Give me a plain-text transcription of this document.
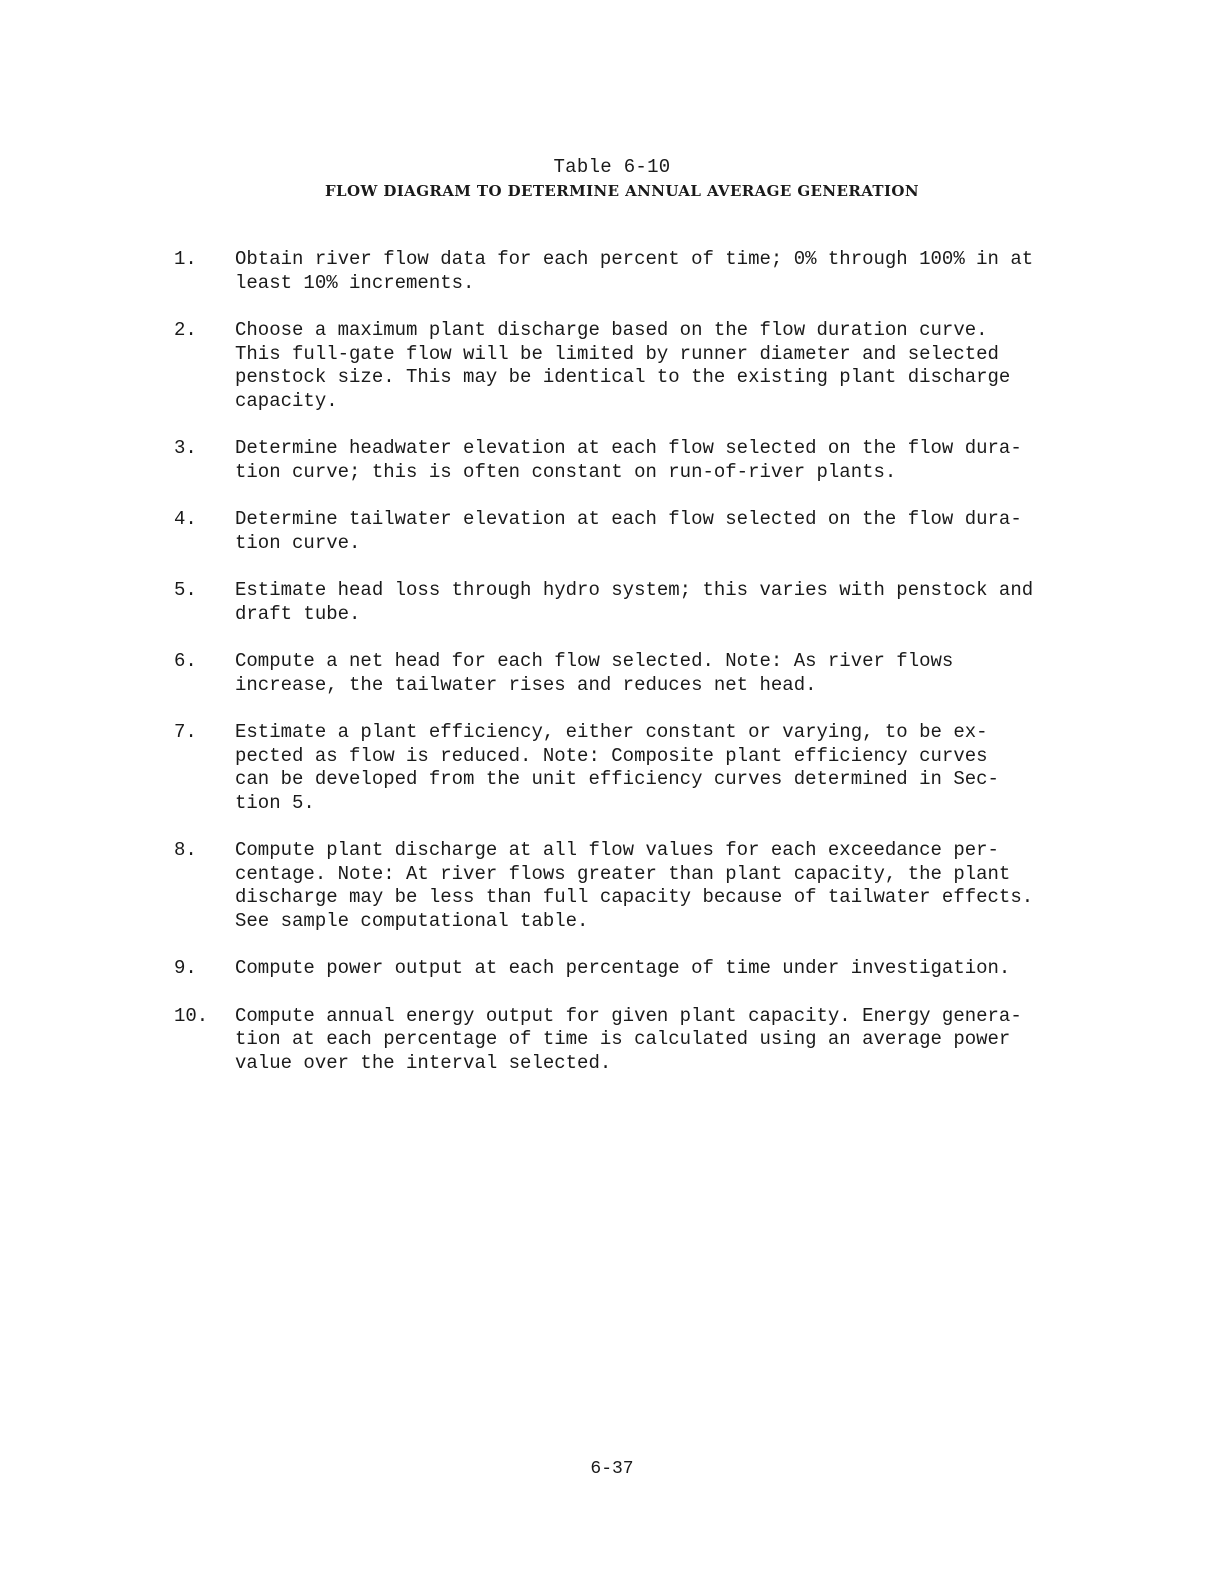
Table 6-10
FLOW DIAGRAM TO DETERMINE ANNUAL AVERAGE GENERATION
1.	Obtain river flow data for each percent of time; 0% through 100% in at
least 10% increments.
2.	Choose a maximum plant discharge based on the flow duration curve.
This full-gate flow will be limited by runner diameter and selected
penstock size. This may be identical to the existing plant discharge
capacity.
3.	Determine headwater elevation at each flow selected on the flow dura-
tion curve; this is often constant on run-of-river plants.
4.	Determine tailwater elevation at each flow selected on the flow dura-
tion curve.
5.	Estimate head loss through hydro system; this varies with penstock and
draft tube.
6.	Compute a net head for each flow selected. Note: As river flows
increase, the tailwater rises and reduces net head.
7.	Estimate a plant efficiency, either constant or varying, to be ex-
pected as flow is reduced. Note: Composite plant efficiency curves
can be developed from the unit efficiency curves determined in Sec-
tion 5.
8.	Compute plant discharge at all flow values for each exceedance per-
centage. Note: At river flows greater than plant capacity, the plant
discharge may be less than full capacity because of tailwater effects.
See sample computational table.
9.	Compute power output at each percentage of time under investigation.
10.	Compute annual energy output for given plant capacity. Energy genera-
tion at each percentage of time is calculated using an average power
value over the interval selected.
6-37
